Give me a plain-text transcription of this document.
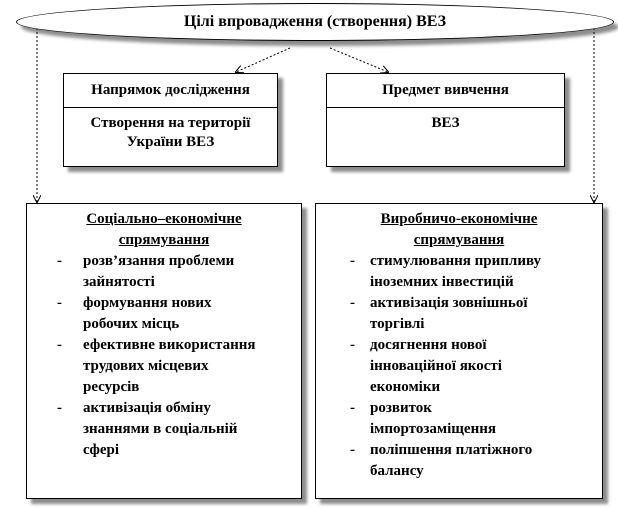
Цілі впровадження (створення) ВЕЗ
Напрямок дослідження
Створення на території
України ВЕЗ
Предмет вивчення
ВЕЗ
Соціально–економічне
спрямування
- розв’язання проблеми
зайнятості
- формування нових
робочих місць
- ефективне використання
трудових місцевих
ресурсів
- активізація обміну
знаннями в соціальній
сфері
Виробничо-економічне
спрямування
- стимулювання припливу
іноземних інвестицій
- активізація зовнішньої
торгівлі
- досягнення нової
інноваційної якості
економіки
- розвиток
імпортозаміщення
- поліпшення платіжного
балансу
